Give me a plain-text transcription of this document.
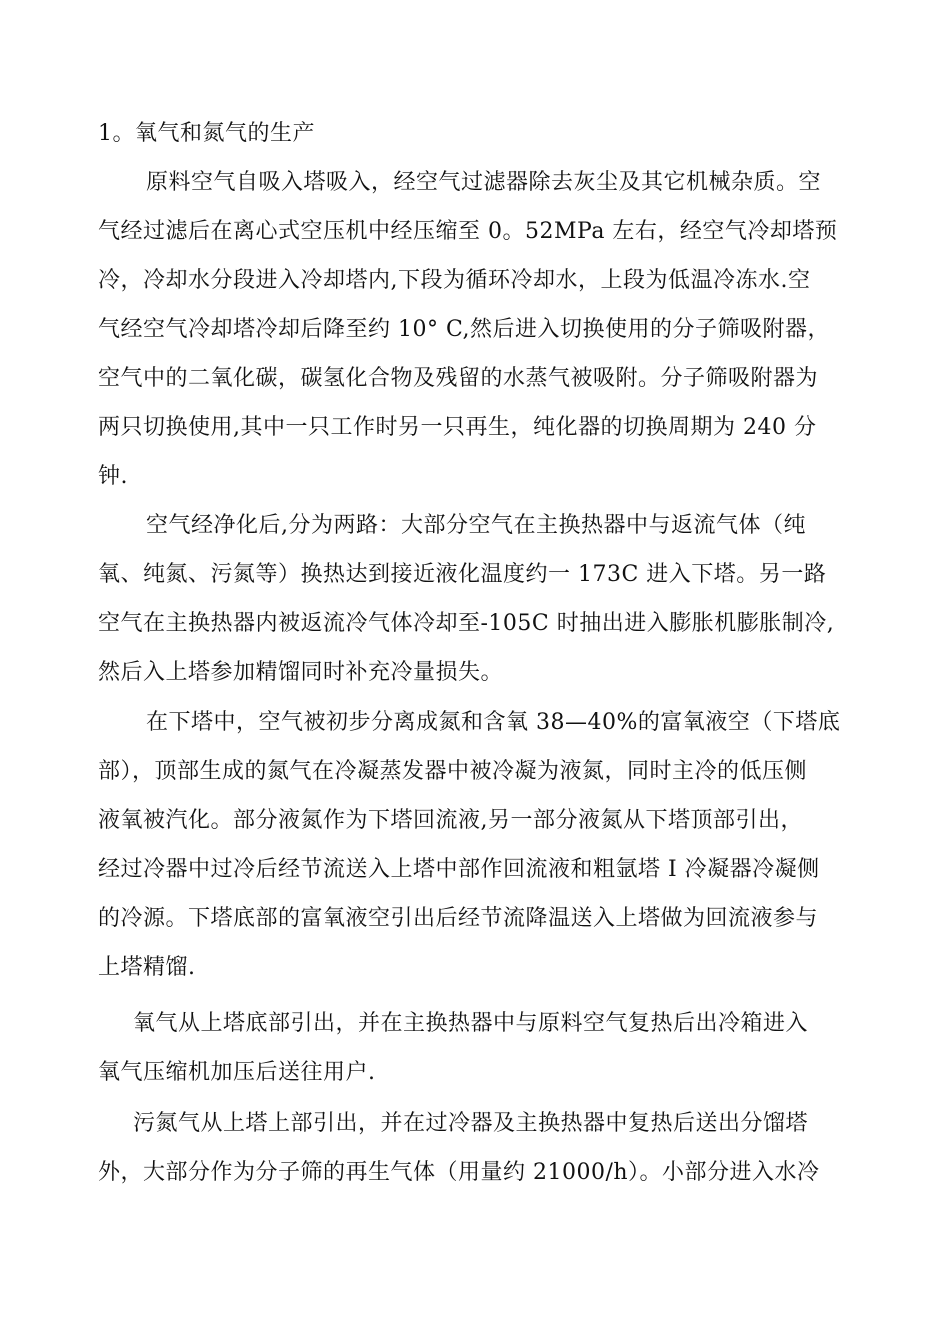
1。氧气和氮气的生产
原料空气自吸入塔吸入，经空气过滤器除去灰尘及其它机械杂质。空
气经过滤后在离心式空压机中经压缩至 0。52MPa 左右，经空气冷却塔预
冷，冷却水分段进入冷却塔内,下段为循环冷却水，上段为低温冷冻水.空
气经空气冷却塔冷却后降至约 10° C,然后进入切换使用的分子筛吸附器，
空气中的二氧化碳，碳氢化合物及残留的水蒸气被吸附。分子筛吸附器为
两只切换使用,其中一只工作时另一只再生，纯化器的切换周期为 240 分
钟.
空气经净化后,分为两路：大部分空气在主换热器中与返流气体（纯
氧、纯氮、污氮等）换热达到接近液化温度约一 173C 进入下塔。另一路
空气在主换热器内被返流冷气体冷却至-105C 时抽出进入膨胀机膨胀制冷,
然后入上塔参加精馏同时补充冷量损失。
在下塔中，空气被初步分离成氮和含氧 38—40%的富氧液空（下塔底
部），顶部生成的氮气在冷凝蒸发器中被冷凝为液氮，同时主冷的低压侧
液氧被汽化。部分液氮作为下塔回流液,另一部分液氮从下塔顶部引出，
经过冷器中过冷后经节流送入上塔中部作回流液和粗氩塔 I 冷凝器冷凝侧
的冷源。下塔底部的富氧液空引出后经节流降温送入上塔做为回流液参与
上塔精馏.
氧气从上塔底部引出，并在主换热器中与原料空气复热后出冷箱进入
氧气压缩机加压后送往用户.
污氮气从上塔上部引出，并在过冷器及主换热器中复热后送出分馏塔
外，大部分作为分子筛的再生气体（用量约 21000/h）。小部分进入水冷
